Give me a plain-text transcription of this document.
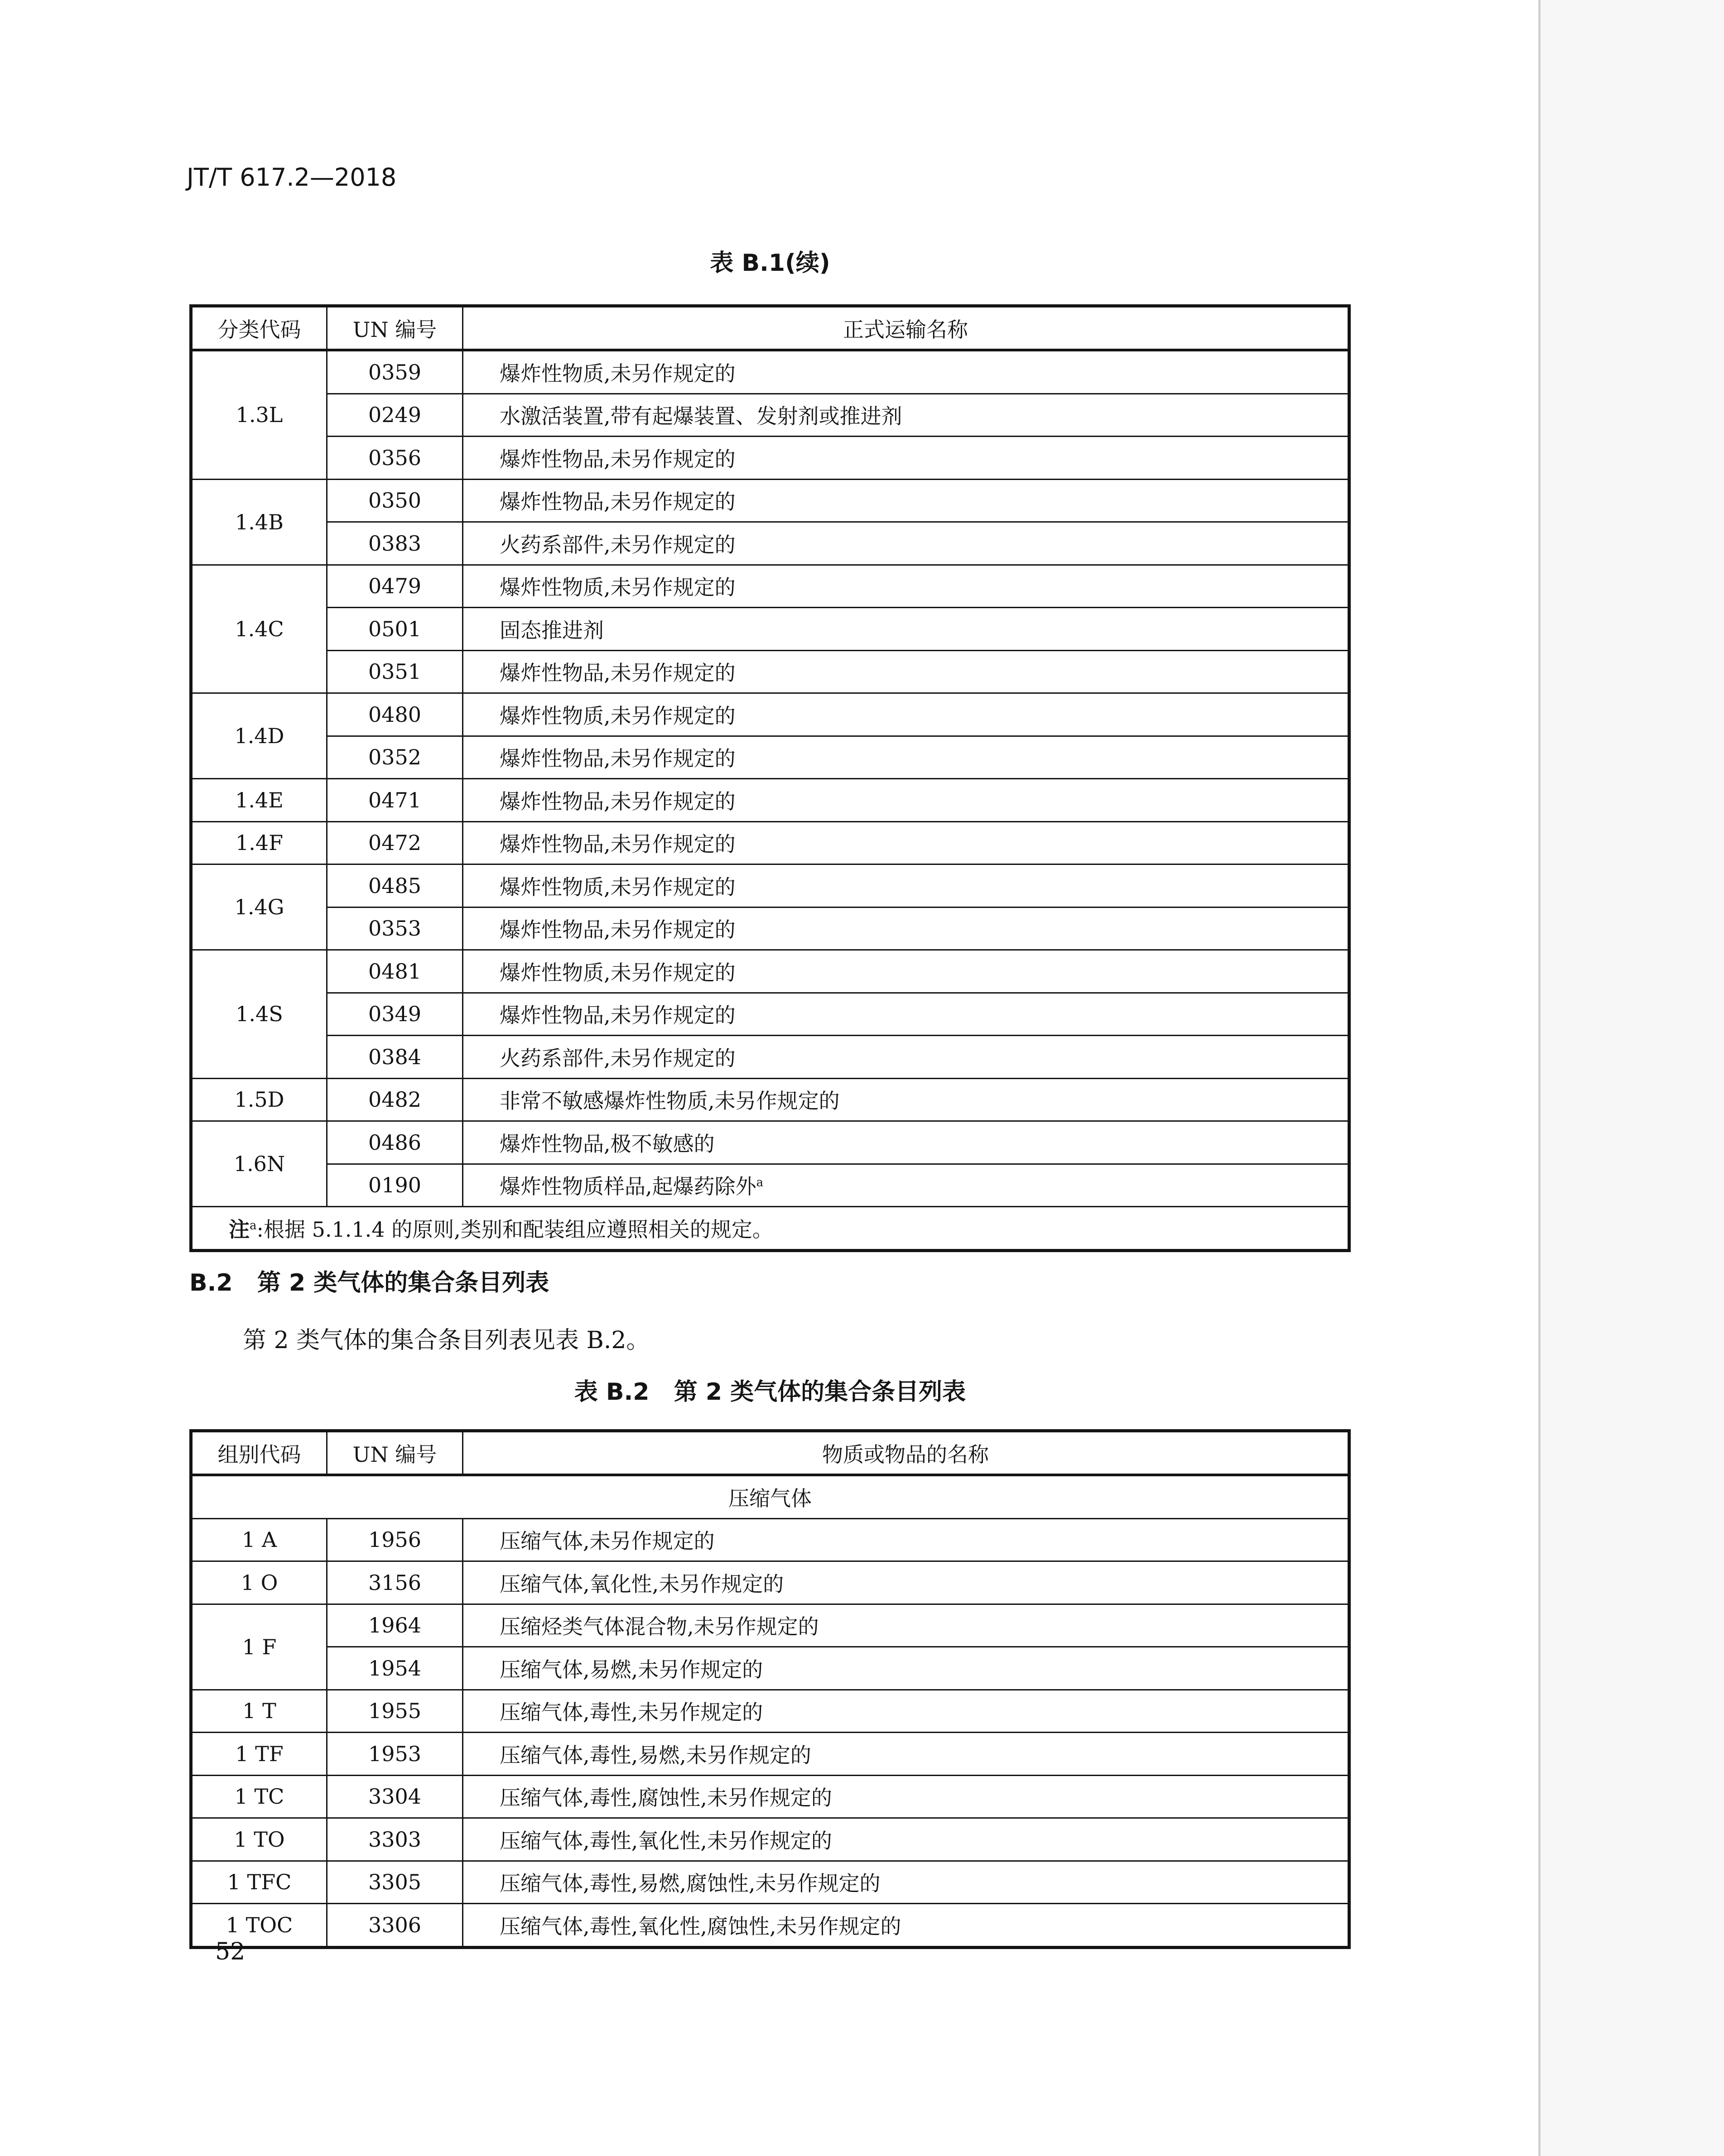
JT/T 617.2—2018
表 B.1(续)
分类代码	UN 编号	正式运输名称
1.3L	0359	爆炸性物质,未另作规定的
	0249	水激活装置,带有起爆装置、发射剂或推进剂
	0356	爆炸性物品,未另作规定的
1.4B	0350	爆炸性物品,未另作规定的
	0383	火药系部件,未另作规定的
1.4C	0479	爆炸性物质,未另作规定的
	0501	固态推进剂
	0351	爆炸性物品,未另作规定的
1.4D	0480	爆炸性物质,未另作规定的
	0352	爆炸性物品,未另作规定的
1.4E	0471	爆炸性物品,未另作规定的
1.4F	0472	爆炸性物品,未另作规定的
1.4G	0485	爆炸性物质,未另作规定的
	0353	爆炸性物品,未另作规定的
1.4S	0481	爆炸性物质,未另作规定的
	0349	爆炸性物品,未另作规定的
	0384	火药系部件,未另作规定的
1.5D	0482	非常不敏感爆炸性物质,未另作规定的
1.6N	0486	爆炸性物品,极不敏感的
	0190	爆炸性物质样品,起爆药除外$^a$
注$^a$:根据 5.1.1.4 的原则,类别和配装组应遵照相关的规定。		
B.2   第 2 类气体的集合条目列表
第 2 类气体的集合条目列表见表 B.2。
表 B.2   第 2 类气体的集合条目列表
组别代码	UN 编号	物质或物品的名称
压缩气体		
1 A	1956	压缩气体,未另作规定的
1 O	3156	压缩气体,氧化性,未另作规定的
1 F	1964	压缩烃类气体混合物,未另作规定的
	1954	压缩气体,易燃,未另作规定的
1 T	1955	压缩气体,毒性,未另作规定的
1 TF	1953	压缩气体,毒性,易燃,未另作规定的
1 TC	3304	压缩气体,毒性,腐蚀性,未另作规定的
1 TO	3303	压缩气体,毒性,氧化性,未另作规定的
1 TFC	3305	压缩气体,毒性,易燃,腐蚀性,未另作规定的
1 TOC	3306	压缩气体,毒性,氧化性,腐蚀性,未另作规定的
52
